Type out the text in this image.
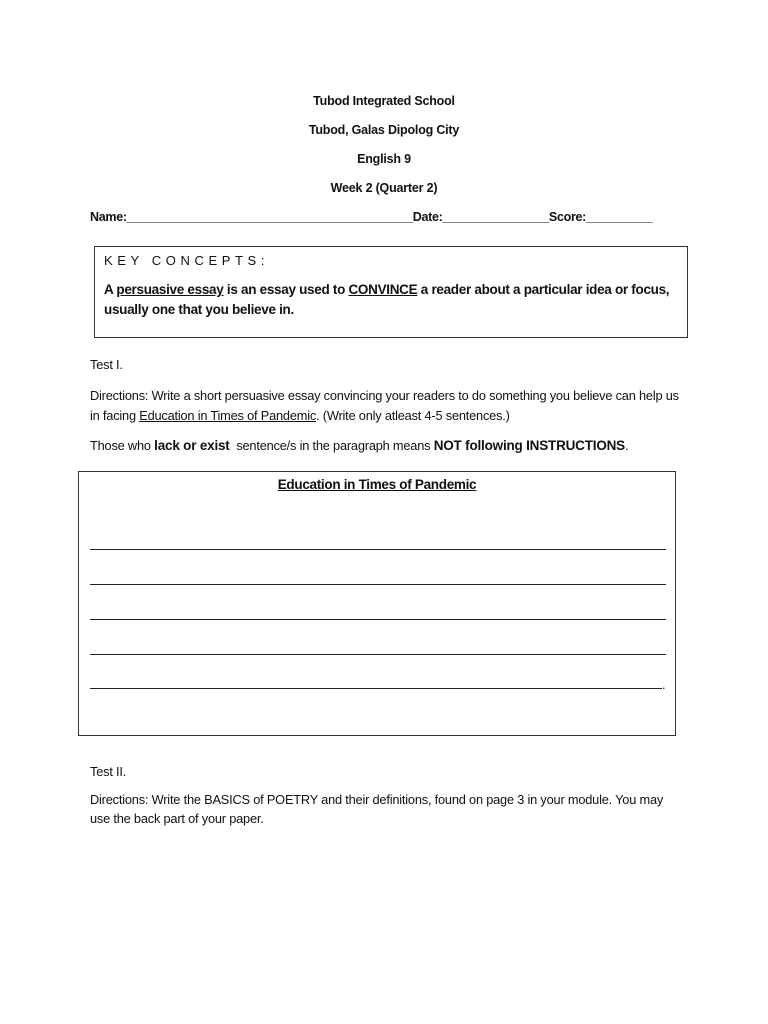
Tubod Integrated School
Tubod, Galas Dipolog City
English 9
Week 2 (Quarter 2)
Name:___________________________________________Date:________________Score:__________
KEY CONCEPTS:
A persuasive essay is an essay used to CONVINCE a reader about a particular idea or focus, usually one that you believe in.
Test I.
Directions: Write a short persuasive essay convincing your readers to do something you believe can help us in facing Education in Times of Pandemic. (Write only atleast 4-5 sentences.)
Those who lack or exist  sentence/s in the paragraph means NOT following INSTRUCTIONS.
Education in Times of Pandemic
.
Test II.
Directions: Write the BASICS of POETRY and their definitions, found on page 3 in your module. You may use the back part of your paper.
